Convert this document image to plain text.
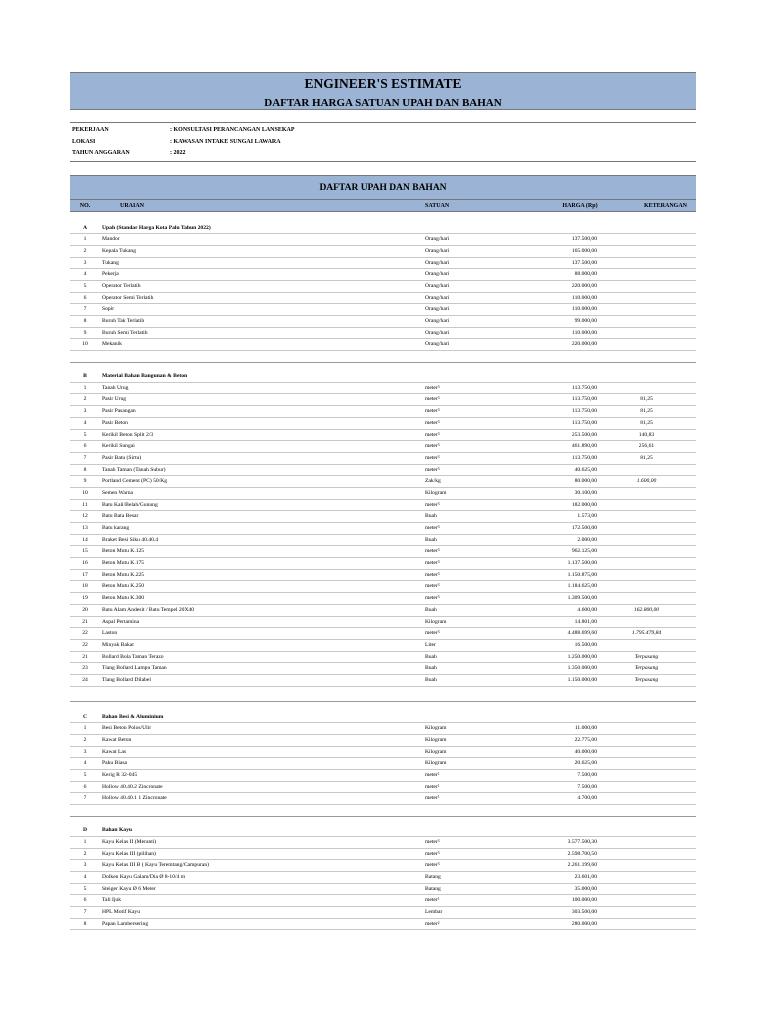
ENGINEER'S ESTIMATE
DAFTAR HARGA SATUAN UPAH DAN BAHAN
PEKERJAAN	: KONSULTASI PERANCANGAN LANSEKAP
LOKASI	: KAWASAN INTAKE SUNGAI LAWARA
TAHUN ANGGARAN	: 2022
DAFTAR UPAH DAN BAHAN
NO.	URAIAN	SATUAN	HARGA (Rp)	KETERANGAN
A	Upah (Standar Harga Kota Palu Tahun 2022)
1	Mandor	Orang/hari	137.500,00
2	Kepala Tukang	Orang/hari	165.000,00
3	Tukang	Orang/hari	137.500,00
4	Pekerja	Orang/hari	88.000,00
5	Operator Terlatih	Orang/hari	220.000,00
6	Operator Semi Terlatih	Orang/hari	110.000,00
7	Sopir	Orang/hari	110.000,00
8	Buruh Tak Terlatih	Orang/hari	99.000,00
9	Buruh Semi Terlatih	Orang/hari	110.000,00
10	Mekanik	Orang/hari	220.000,00
B	Material Bahan Bangunan & Beton
1	Tanah Urug	meter$^3$	113.750,00
2	Pasir Urug	meter$^3$	113.750,00	81,25
3	Pasir Pasangan	meter$^3$	113.750,00	81,25
4	Pasir Beton	meter$^3$	113.750,00	81,25
5	Kerikil Beton Split 2/3	meter$^3$	253.500,00	140,83
6	Kerikil Sungai	meter$^3$	461.890,00	256,61
7	Pasir Batu (Sirtu)	meter$^3$	113.750,00	81,25
8	Tanah Taman (Tanah Subur)	meter$^3$	40.625,00
9	Portland Cement (PC) 50/Kg	Zak/kg	80.000,00	1.600,00
10	Semen Warna	Kilogram	30.100,00
11	Batu Kali/Belah/Gunung	meter$^3$	182.000,00
12	Batu Bata Besar	Buah	1.573,00
13	Batu karang	meter$^3$	172.500,00
14	Braket Besi Siku 40.40.4	Buah	2.000,00
15	Beton Mutu K.125	meter$^3$	962.125,00
16	Beton Mutu K.175	meter$^3$	1.137.500,00
17	Beton Mutu K.225	meter$^3$	1.150.875,00
18	Beton Mutu K.250	meter$^3$	1.184.625,00
19	Beton Mutu K.300	meter$^3$	1.309.500,00
20	Batu Alam Andesit / Batu Tempel 20X40	Buah	4.600,00	162.800,00
21	Aspal Pertamina	Kilogram	14.801,00
22	Laston	meter$^3$	4.488.699,60	1.795.479,84
22	Minyak Bakar	Liter	16.500,00
21	Bollard Bola Taman Terazo	Buah	1.250.000,00	Terpasang
23	Tiang Bollard Lampu Taman	Buah	1.350.000,00	Terpasang
24	Tiang Bollard Dilabel	Buah	1.150.000,00	Terpasang
C	Bahan Besi & Aluminium
1	Besi Beton Polos/Ulir	Kilogram	11.000,00
2	Kawat Beton	Kilogram	22.775,00
3	Kawat Las	Kilogram	40.000,00
4	Paku Biasa	Kilogram	20.625,00
5	Kerig R 32-045	meter$^1$	7.500,00
6	Hollow 40.40.2 Zincronate	meter$^1$	7.500,00
7	Hollow 40.40.1 1 Zincronate	meter$^1$	4.700,00
D	Bahan Kayu
1	Kayu Kelas II (Meranti)	meter$^3$	3.577.500,30
2	Kayu Kelas III (pilihan)	meter$^3$	2.598.700,50
3	Kayu Kelas III B ( Kayu Teremtang/Campuran)	meter$^3$	2.261.199,60
4	Dolken Kayu Galam/Dia Ø 8-10/4 m	Batang	23.601,00
5	Steiger Kayu Ø 6 Meter	Batang	35.000,00
6	Tali Ijuk	meter$^1$	100.000,00
7	HPL Motif Kayu	Lembar	303.500,00
8	Papan Lambersering	meter$^2$	280.000,00
